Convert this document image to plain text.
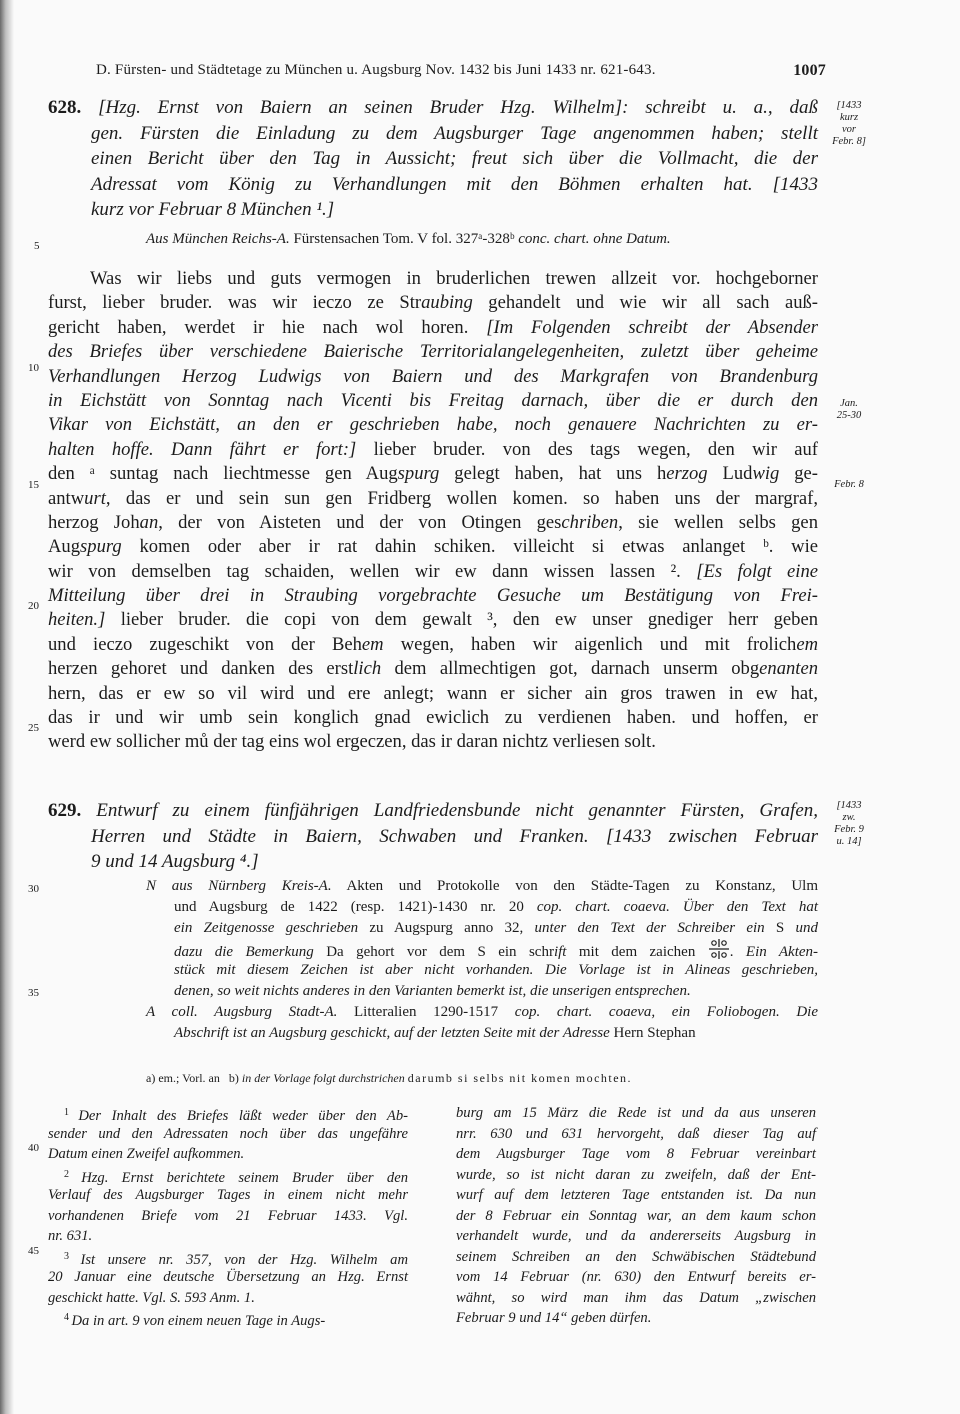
D. Fürsten- und Städtetage zu München u. Augsburg Nov. 1432 bis Juni 1433 nr. 621-643.	1007
628. [Hzg. Ernst von Baiern an seinen Bruder Hzg. Wilhelm]: schreibt u. a., daß
gen. Fürsten die Einladung zu dem Augsburger Tage angenommen haben; stellt
einen Bericht über den Tag in Aussicht; freut sich über die Vollmacht, die der
Adressat vom König zu Verhandlungen mit den Böhmen erhalten hat. [1433
kurz vor Februar 8 München ¹.]
Aus München Reichs-A. Fürstensachen Tom. V fol. 327ᵃ-328ᵇ conc. chart. ohne Datum.
[1433
kurz
vor
Febr. 8]
Was wir liebs und guts vermogen in bruderlichen trewen allzeit vor. hochgeborner
furst, lieber bruder. was wir ieczo ze Straubing gehandelt und wie wir all sach auß-
gericht haben, werdet ir hie nach wol horen. [Im Folgenden schreibt der Absender
des Briefes über verschiedene Baierische Territorialangelegenheiten, zuletzt über geheime
Verhandlungen Herzog Ludwigs von Baiern und des Markgrafen von Brandenburg
in Eichstätt von Sonntag nach Vicenti bis Freitag darnach, über die er durch den
Vikar von Eichstätt, an den er geschrieben habe, noch genauere Nachrichten zu er-
halten hoffe. Dann fährt er fort:] lieber bruder. von des tags wegen, den wir auf
den ᵃ suntag nach liechtmesse gen Augspurg gelegt haben, hat uns herzog Ludwig ge-
antwurt, das er und sein sun gen Fridberg wollen komen. so haben uns der margraf,
herzog Johan, der von Aisteten und der von Otingen geschriben, sie wellen selbs gen
Augspurg komen oder aber ir rat dahin schiken. villeicht si etwas anlanget ᵇ. wie
wir von demselben tag schaiden, wellen wir ew dann wissen lassen ². [Es folgt eine
Mitteilung über drei in Straubing vorgebrachte Gesuche um Bestätigung von Frei-
heiten.] lieber bruder. die copi von dem gewalt ³, den ew unser gnediger herr geben
und ieczo zugeschikt von der Behem wegen, haben wir aigenlich und mit frolichem
herzen gehoret und danken des erstlich dem allmechtigen got, darnach unserm obgenanten
hern, das er ew so vil wird und ere anlegt; wann er sicher ain gros trawen in ew hat,
das ir und wir umb sein konglich gnad ewiclich zu verdienen haben. und hoffen, er
werd ew sollicher mů der tag eins wol ergeczen, das ir daran nichtz verliesen solt.
Jan.
25-30
Febr. 8
629. Entwurf zu einem fünfjährigen Landfriedensbunde nicht genannter Fürsten, Grafen,
Herren und Städte in Baiern, Schwaben und Franken. [1433 zwischen Februar
9 und 14 Augsburg ⁴.]
[1433
zw.
Febr. 9
u. 14]
N aus Nürnberg Kreis-A. Akten und Protokolle von den Städte-Tagen zu Konstanz, Ulm
und Augsburg de 1422 (resp. 1421)-1430 nr. 20 cop. chart. coaeva. Über den Text hat
ein Zeitgenosse geschrieben zu Augspurg anno 32, unter den Text der Schreiber ein S und
dazu die Bemerkung Da gehort vor dem S ein schrift mit dem zaichen . Ein Akten-
stück mit diesem Zeichen ist aber nicht vorhanden. Die Vorlage ist in Alineas geschrieben,
denen, so weit nichts anderes in den Varianten bemerkt ist, die unserigen entsprechen.
A coll. Augsburg Stadt-A. Litteralien 1290-1517 cop. chart. coaeva, ein Foliobogen. Die
Abschrift ist an Augsburg geschickt, auf der letzten Seite mit der Adresse Hern Stephan
a) em.; Vorl. an b) in der Vorlage folgt durchstrichen darumb si selbs nit komen mochten.
$^1$ Der Inhalt des Briefes läßt weder über den Ab-
sender und den Adressaten noch über das ungefähre
Datum einen Zweifel aufkommen.
$^2$ Hzg. Ernst berichtete seinem Bruder über den
Verlauf des Augsburger Tages in einem nicht mehr
vorhandenen Briefe vom 21 Februar 1433. Vgl.
nr. 631.
$^3$ Ist unsere nr. 357, von der Hzg. Wilhelm am
20 Januar eine deutsche Übersetzung an Hzg. Ernst
geschickt hatte. Vgl. S. 593 Anm. 1.
$^4$ Da in art. 9 von einem neuen Tage in Augs-
burg am 15 März die Rede ist und da aus unseren
nrr. 630 und 631 hervorgeht, daß dieser Tag auf
dem Augsburger Tage vom 8 Februar vereinbart
wurde, so ist nicht daran zu zweifeln, daß der Ent-
wurf auf dem letzteren Tage entstanden ist. Da nun
der 8 Februar ein Sonntag war, an dem kaum schon
verhandelt wurde, und da andererseits Augsburg in
seinem Schreiben an den Schwäbischen Städtebund
vom 14 Februar (nr. 630) den Entwurf bereits er-
wähnt, so wird man ihm das Datum „zwischen
Februar 9 und 14“ geben dürfen.
5
10
15
20
25
30
35
40
45
